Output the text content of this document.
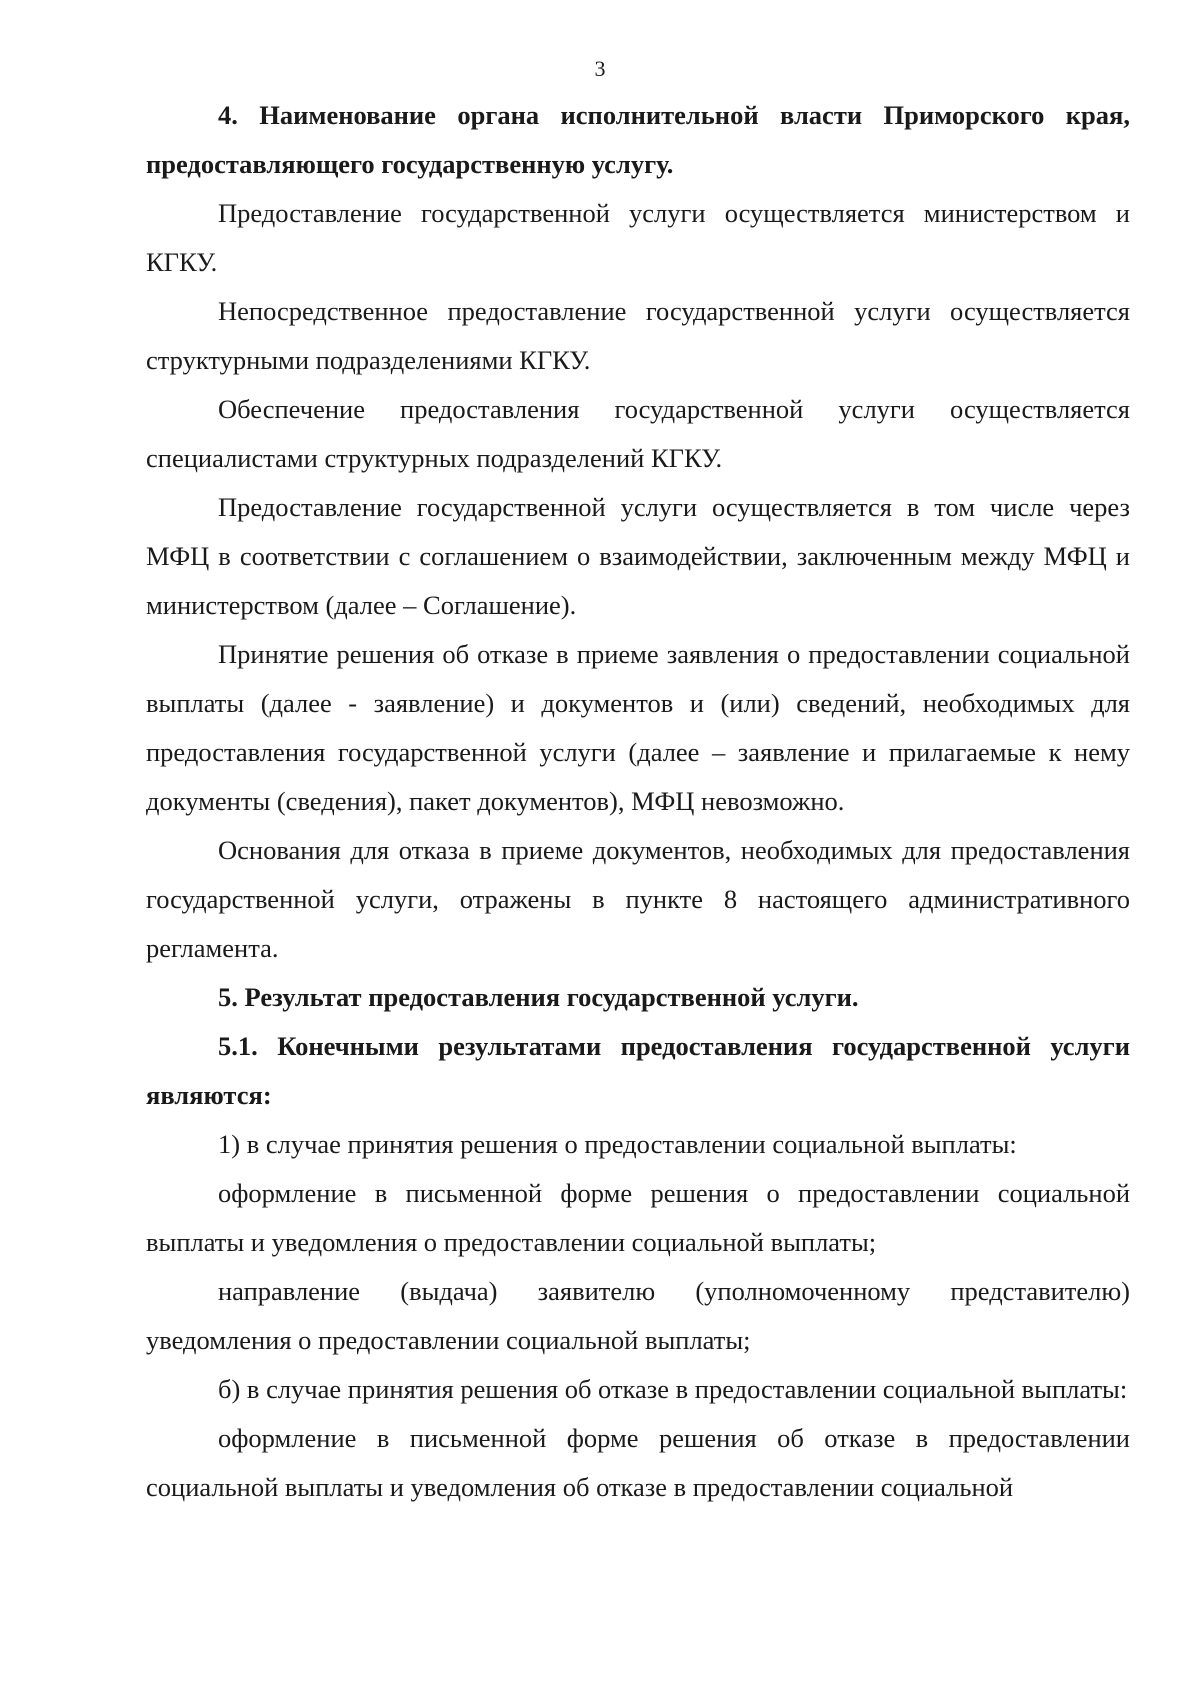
3

4. Наименование органа исполнительной власти Приморского края, предоставляющего государственную услугу.

Предоставление государственной услуги осуществляется министерством и КГКУ.

Непосредственное предоставление государственной услуги осуществляется структурными подразделениями КГКУ.

Обеспечение предоставления государственной услуги осуществляется специалистами структурных подразделений КГКУ.

Предоставление государственной услуги осуществляется в том числе через МФЦ в соответствии с соглашением о взаимодействии, заключенным между МФЦ и министерством (далее – Соглашение).

Принятие решения об отказе в приеме заявления о предоставлении социальной выплаты (далее - заявление) и документов и (или) сведений, необходимых для предоставления государственной услуги (далее – заявление и прилагаемые к нему документы (сведения), пакет документов), МФЦ невозможно.

Основания для отказа в приеме документов, необходимых для предоставления государственной услуги, отражены в пункте 8 настоящего административного регламента.

5. Результат предоставления государственной услуги.

5.1. Конечными результатами предоставления государственной услуги являются:

1) в случае принятия решения о предоставлении социальной выплаты:

оформление в письменной форме решения о предоставлении социальной выплаты и уведомления о предоставлении социальной выплаты;

направление (выдача) заявителю (уполномоченному представителю) уведомления о предоставлении социальной выплаты;

б) в случае принятия решения об отказе в предоставлении социальной выплаты:

оформление в письменной форме решения об отказе в предоставлении социальной выплаты и уведомления об отказе в предоставлении социальной
